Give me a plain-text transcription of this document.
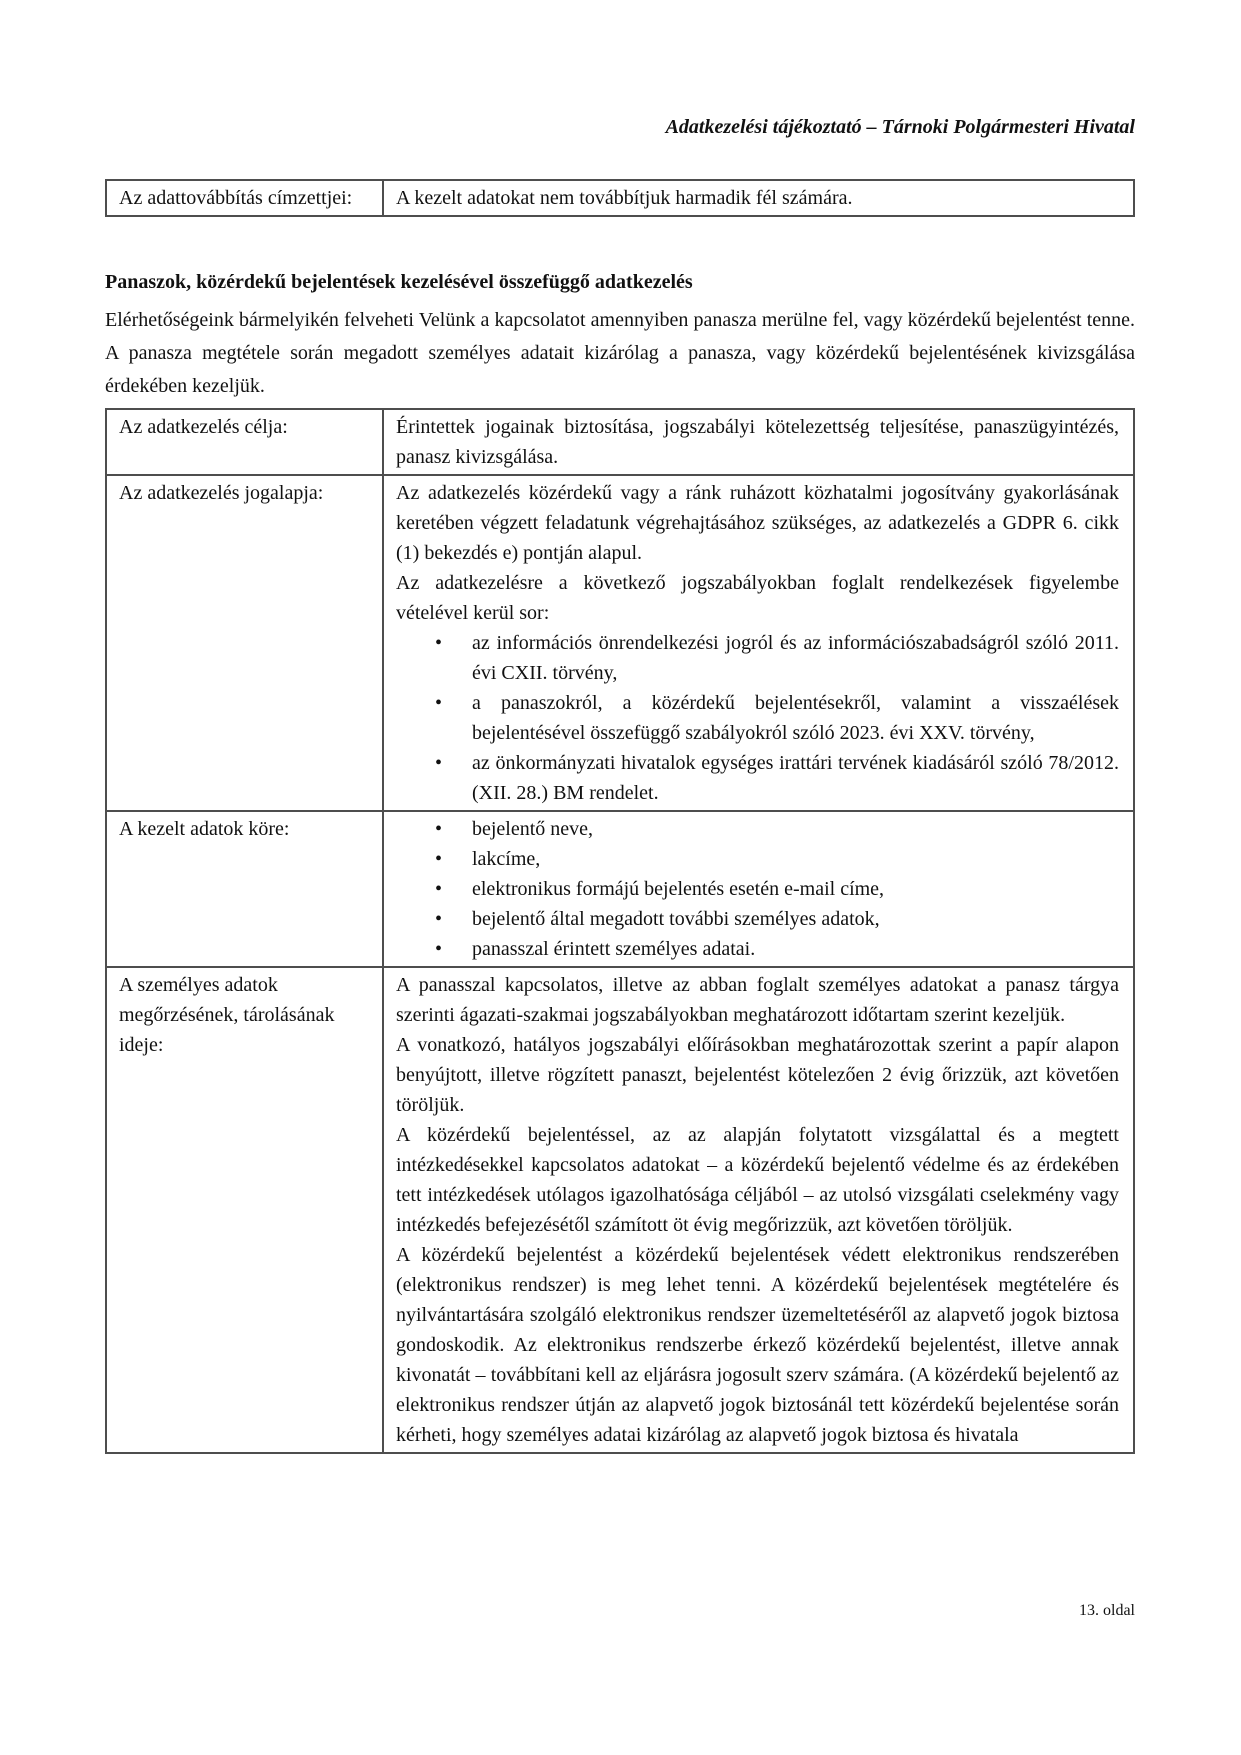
Adatkezelési tájékoztató – Tárnoki Polgármesteri Hivatal
Az adattovábbítás címzettjei:	A kezelt adatokat nem továbbítjuk harmadik fél számára.
Panaszok, közérdekű bejelentések kezelésével összefüggő adatkezelés
Elérhetőségeink bármelyikén felveheti Velünk a kapcsolatot amennyiben panasza merülne fel, vagy közérdekű bejelentést tenne. A panasza megtétele során megadott személyes adatait kizárólag a panasza, vagy közérdekű bejelentésének kivizsgálása érdekében kezeljük.
Az adatkezelés célja:	Érintettek jogainak biztosítása, jogszabályi kötelezettség teljesítése, panaszügyintézés, panasz kivizsgálása.

Az adatkezelés jogalapja:	Az adatkezelés közérdekű vagy a ránk ruházott közhatalmi jogosítvány gyakorlásának keretében végzett feladatunk végrehajtásához szükséges, az adatkezelés a GDPR 6. cikk (1) bekezdés e) pontján alapul.

Az adatkezelésre a következő jogszabályokban foglalt rendelkezések figyelembe vételével kerül sor:

• az információs önrendelkezési jogról és az információszabadságról szóló 2011. évi CXII. törvény,
• a panaszokról, a közérdekű bejelentésekről, valamint a visszaélések bejelentésével összefüggő szabályokról szóló 2023. évi XXV. törvény,
• az önkormányzati hivatalok egységes irattári tervének kiadásáról szóló 78/2012. (XII. 28.) BM rendelet.

A kezelt adatok köre:	
•bejelentő neve,
• lakcíme,
• elektronikus formájú bejelentés esetén e-mail címe,
• bejelentő által megadott további személyes adatok,
• panasszal érintett személyes adatai.

A személyes adatok megőrzésének, tárolásának ideje:	A panasszal kapcsolatos, illetve az abban foglalt személyes adatokat a panasz tárgya szerinti ágazati-szakmai jogszabályokban meghatározott időtartam szerint kezeljük.

A vonatkozó, hatályos jogszabályi előírásokban meghatározottak szerint a papír alapon benyújtott, illetve rögzített panaszt, bejelentést kötelezően 2 évig őrizzük, azt követően töröljük.

A közérdekű bejelentéssel, az az alapján folytatott vizsgálattal és a megtett intézkedésekkel kapcsolatos adatokat – a közérdekű bejelentő védelme és az érdekében tett intézkedések utólagos igazolhatósága céljából – az utolsó vizsgálati cselekmény vagy intézkedés befejezésétől számított öt évig megőrizzük, azt követően töröljük.

A közérdekű bejelentést a közérdekű bejelentések védett elektronikus rendszerében (elektronikus rendszer) is meg lehet tenni. A közérdekű bejelentések megtételére és nyilvántartására szolgáló elektronikus rendszer üzemeltetéséről az alapvető jogok biztosa gondoskodik. Az elektronikus rendszerbe érkező közérdekű bejelentést, illetve annak kivonatát – továbbítani kell az eljárásra jogosult szerv számára. (A közérdekű bejelentő az elektronikus rendszer útján az alapvető jogok biztosánál tett közérdekű bejelentése során kérheti, hogy személyes adatai kizárólag az alapvető jogok biztosa és hivatala

13. oldal
